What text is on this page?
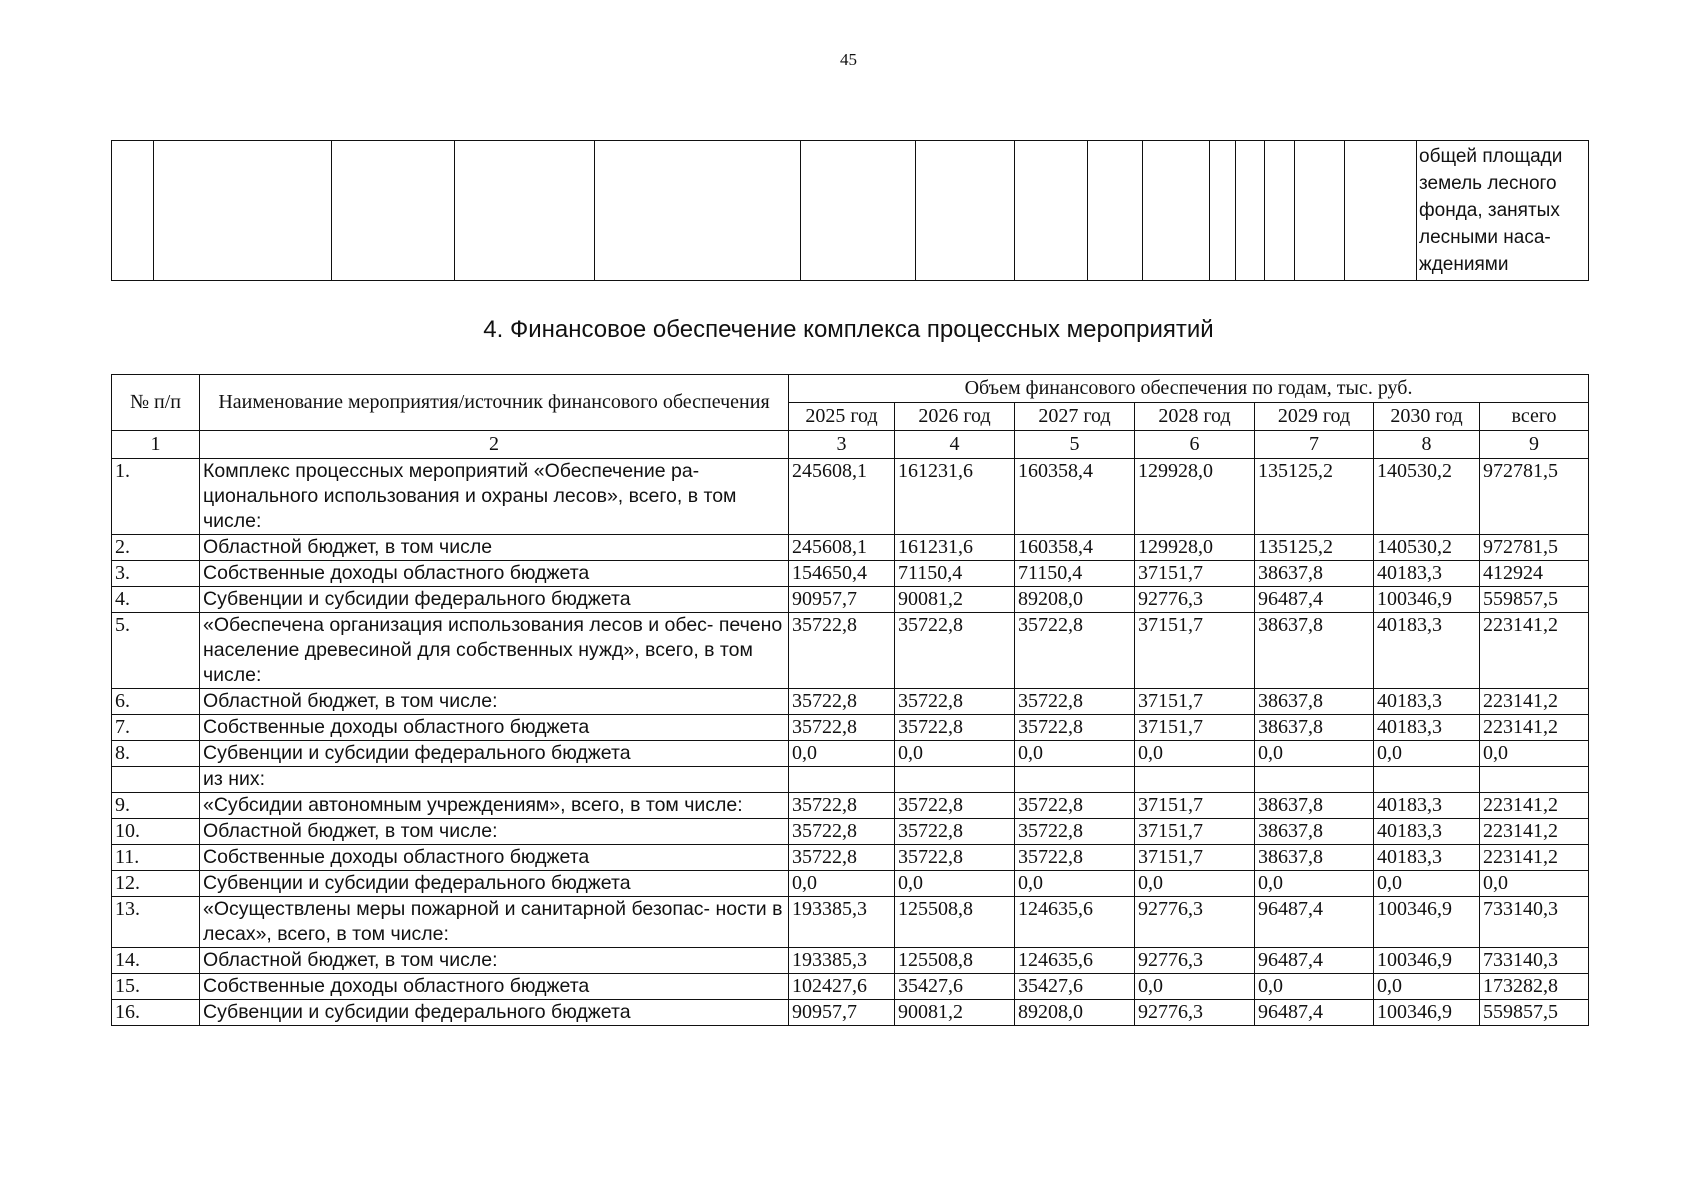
45

общей площади
земель лесного
фонда, занятых
лесными наса-
ждениями
4. Финансовое обеспечение комплекса процессных мероприятий
№ п/п	Наименование мероприятия/источник финансового обеспечения	Объем финансового обеспечения по годам, тыс. руб.						
		2025 год	2026 год	2027 год	2028 год	2029 год	2030 год	всего
1	2	3	4	5	6	7	8	9
1.	Комплекс процессных мероприятий «Обеспечение ра- ционального использования и охраны лесов», всего, в том числе:	245608,1	161231,6	160358,4	129928,0	135125,2	140530,2	972781,5
2.	Областной бюджет, в том числе	245608,1	161231,6	160358,4	129928,0	135125,2	140530,2	972781,5
3.	Собственные доходы областного бюджета	154650,4	71150,4	71150,4	37151,7	38637,8	40183,3	412924
4.	Субвенции и субсидии федерального бюджета	90957,7	90081,2	89208,0	92776,3	96487,4	100346,9	559857,5
5.	«Обеспечена организация использования лесов и обес- печено население древесиной для собственных нужд», всего, в том числе:	35722,8	35722,8	35722,8	37151,7	38637,8	40183,3	223141,2
6.	Областной бюджет, в том числе:	35722,8	35722,8	35722,8	37151,7	38637,8	40183,3	223141,2
7.	Собственные доходы областного бюджета	35722,8	35722,8	35722,8	37151,7	38637,8	40183,3	223141,2
8.	Субвенции и субсидии федерального бюджета	0,0	0,0	0,0	0,0	0,0	0,0	0,0
	из них:							
9.	«Субсидии автономным учреждениям», всего, в том числе:	35722,8	35722,8	35722,8	37151,7	38637,8	40183,3	223141,2
10.	Областной бюджет, в том числе:	35722,8	35722,8	35722,8	37151,7	38637,8	40183,3	223141,2
11.	Собственные доходы областного бюджета	35722,8	35722,8	35722,8	37151,7	38637,8	40183,3	223141,2
12.	Субвенции и субсидии федерального бюджета	0,0	0,0	0,0	0,0	0,0	0,0	0,0
13.	«Осуществлены меры пожарной и санитарной безопас- ности в лесах», всего, в том числе:	193385,3	125508,8	124635,6	92776,3	96487,4	100346,9	733140,3
14.	Областной бюджет, в том числе:	193385,3	125508,8	124635,6	92776,3	96487,4	100346,9	733140,3
15.	Собственные доходы областного бюджета	102427,6	35427,6	35427,6	0,0	0,0	0,0	173282,8
16.	Субвенции и субсидии федерального бюджета	90957,7	90081,2	89208,0	92776,3	96487,4	100346,9	559857,5
